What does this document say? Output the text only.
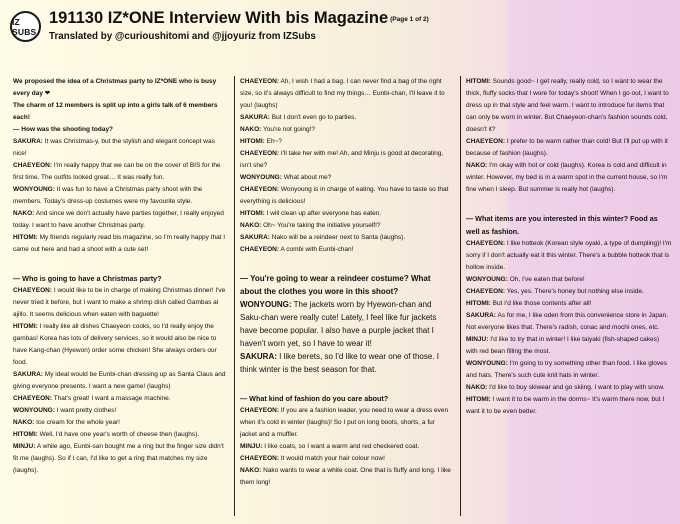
IZ SUBS
191130 IZ*ONE Interview With bis Magazine (Page 1 of 2)
Translated by @curioushitomi and @jjoyuriz from IZSubs

We proposed the idea of a Christmas party to IZ*ONE who is busy every day ❤

The charm of 12 members is split up into a girls talk of 6 members each!

— How was the shooting today?

SAKURA: It was Christmas-y, but the stylish and elegant concept was nice!

CHAEYEON: I'm really happy that we can be on the cover of BIS for the first time. The outfits looked great… It was really fun.

WONYOUNG: It was fun to have a Christmas party shoot with the members. Today's dress-up costumes were my favourite style.

NAKO: And since we don't actually have parties together, I really enjoyed today. I want to have another Christmas party.

HITOMI: My friends regularly read bis magazine, so I'm really happy that I came out here and had a shoot with a cute set!

— Who is going to have a Christmas party?

CHAEYEON: I would like to be in charge of making Christmas dinner! I've never tried it before, but I want to make a shrimp dish called Gambas al ajillo. It seems delicious when eaten with baguette!

HITOMI: I really like all dishes Chaeyeon cooks, so I'd really enjoy the gambas! Korea has lots of delivery services, so it would also be nice to have Kang-chan (Hyewon) order some chicken! She always orders our food.

SAKURA: My ideal would be Eunbi-chan dressing up as Santa Claus and giving everyone presents. I want a new game! (laughs)

CHAEYEON: That's great! I want a massage machine.

WONYOUNG: I want pretty clothes!

NAKO: Ice cream for the whole year!

HITOMI: Well, I'd have one year's worth of cheese then (laughs).

MINJU: A while ago, Eunbi-san bought me a ring but the finger size didn't fit me (laughs). So if I can, I'd like to get a ring that matches my size (laughs).

CHAEYEON: Ah, I wish I had a bag. I can never find a bag of the right size, so it's always difficult to find my things… Eunbi-chan, I'll leave it to you! (laughs)

SAKURA: But I don't even go to parties.

NAKO: You're not going!?

HITOMI: Eh~?

CHAEYEON: I'll take her with me! Ah, and Minju is good at decorating, isn't she?

WONYOUNG: What about me?

CHAEYEON: Wonyoung is in charge of eating. You have to taste so that everything is delicious!

HITOMI: I will clean up after everyone has eaten.

NAKO: Oh~ You're taking the initiative yourself!?

SAKURA: Nako will be a reindeer next to Santa (laughs).

CHAEYEON: A combi with Eunbi-chan!

— You're going to wear a reindeer costume? What about the clothes you wore in this shoot?

WONYOUNG: The jackets worn by Hyewon-chan and Saku-chan were really cute! Lately, I feel like fur jackets have become popular. I also have a purple jacket that I haven't worn yet, so I have to wear it!

SAKURA: I like berets, so I'd like to wear one of those. I think winter is the best season for that.

— What kind of fashion do you care about?

CHAEYEON: If you are a fashion leader, you need to wear a dress even when it's cold in winter (laughs)! So I put on long boots, shorts, a fur jacket and a muffler.

MINJU: I like coats, so I want a warm and red checkered coat.

CHAEYEON: It would match your hair colour now!

NAKO: Nako wants to wear a white coat. One that is fluffy and long. I like them long!

HITOMI: Sounds good~ I get really, really cold, so I want to wear the thick, fluffy socks that I wore for today's shoot! When I go out, I want to dress up in that style and feel warm. I want to introduce fur items that can only be worn in winter. But Chaeyeon-chan's fashion sounds cold, doesn't it?

CHAEYEON: I prefer to be warm rather than cold! But I'll put up with it because of fashion (laughs).

NAKO: I'm okay with hot or cold (laughs). Korea is cold and difficult in winter. However, my bed is in a warm spot in the current house, so I'm fine when I sleep. But summer is really hot (laughs).

— What items are you interested in this winter? Food as well as fashion.

CHAEYEON: I like hotteok (Korean style oyaki, a type of dumpling)! I'm sorry if I don't actually eat it this winter. There's a bubble hotteok that is hollow inside.

WONYOUNG: Oh, I've eaten that before!

CHAEYEON: Yes, yes. There's honey but nothing else inside.

HITOMI: But I'd like those contents after all!

SAKURA: As for me, I like oden from this convenience store in Japan. Not everyone likes that. There's radish, conac and mochi ones, etc.

MINJU: I'd like to try that in winter! I like taiyaki (fish-shaped cakes) with red bean filling the most.

WONYOUNG: I'm going to try something other than food. I like gloves and hats. There's such cute knit hats in winter.

NAKO: I'd like to buy skiwear and go skiing. I want to play with snow.

HITOMI: I want it to be warm in the dorms~ It's warm there now, but I want it to be even better.
